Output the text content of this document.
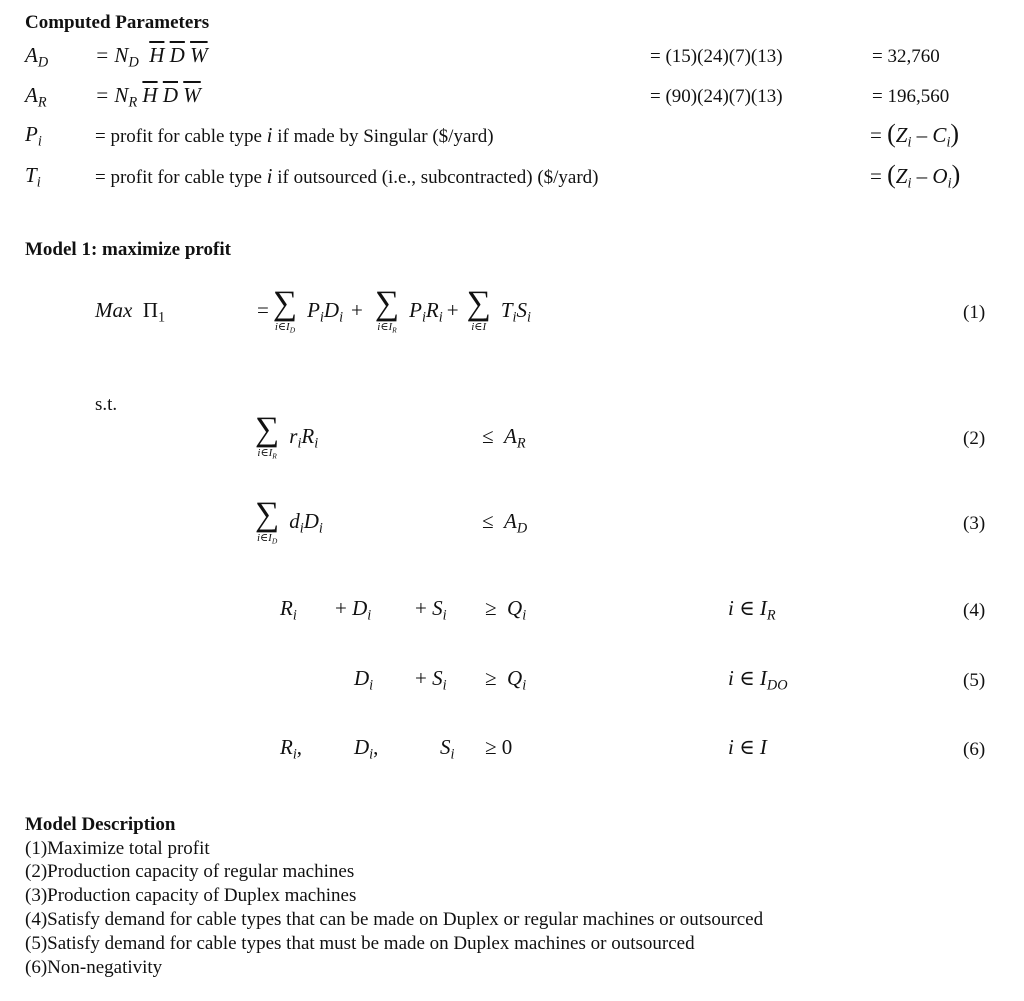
Computed Parameters
$A_D = N_D$ $\overline{H}$ $\overline{D}$ $\overline{W}$	= (15)(24)(7)(13)	= 32,760
$A_R = N_R$ $\overline{H}$ $\overline{D}$ $\overline{W}$	= (90)(24)(7)(13)	= 196,560
$P_i$	= profit for cable type i if made by Singular ($/yard)	= $(Z_i - C_i)$
$T_i$	= profit for cable type i if outsourced (i.e., subcontracted) ($/yard)	= $(Z_i - O_i)$
Model 1: maximize profit
Max $\Pi_1$	= ∑
$i\in I_D$
$P_iD_i$ + ∑
$i\in I_R$
$P_iR_i$ + ∑
i∈I
$T_iS_i$	(1)
s.t.
∑
$i\in I_R$
$r_iR_i$	≤  $A_R$	(2)
∑
$i\in I_D$
$d_iD_i$	≤  $A_D$	(3)
$R_i + D_i + S_i \ge Q_i$	i ∈ $I_R$	(4)
$D_i + S_i \ge Q_i$	i ∈ $I_{DO}$	(5)
$R_i$, $D_i$,	$S_i \ge 0$	i ∈ I	(6)
Model Description
(1)Maximize total profit
(2)Production capacity of regular machines
(3)Production capacity of Duplex machines
(4)Satisfy demand for cable types that can be made on Duplex or regular machines or outsourced
(5)Satisfy demand for cable types that must be made on Duplex machines or outsourced
(6)Non-negativity
